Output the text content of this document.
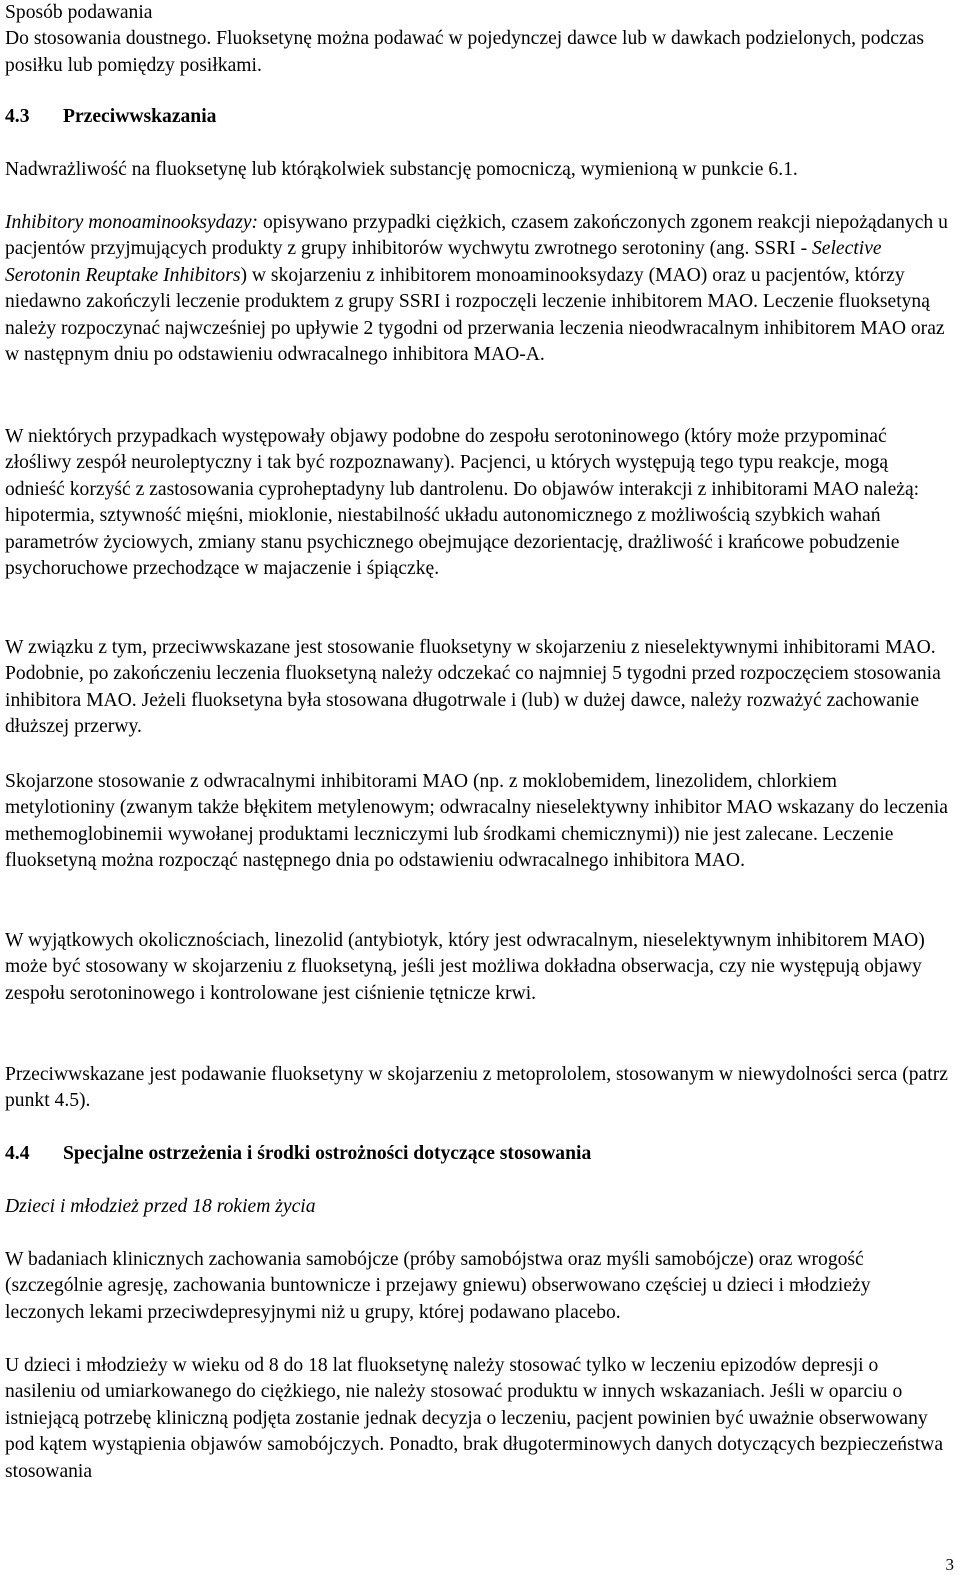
Sposób podawania

Do stosowania doustnego. Fluoksetynę można podawać w pojedynczej dawce lub w dawkach podzielonych, podczas posiłku lub pomiędzy posiłkami.

4.3 Przeciwwskazania

Nadwrażliwość na fluoksetynę lub którąkolwiek substancję pomocniczą, wymienioną w punkcie 6.1.

Inhibitory monoaminooksydazy: opisywano przypadki ciężkich, czasem zakończonych zgonem reakcji niepożądanych u pacjentów przyjmujących produkty z grupy inhibitorów wychwytu zwrotnego serotoniny (ang. SSRI - Selective Serotonin Reuptake Inhibitors) w skojarzeniu z inhibitorem monoaminooksydazy (MAO) oraz u pacjentów, którzy niedawno zakończyli leczenie produktem z grupy SSRI i rozpoczęli leczenie inhibitorem MAO. Leczenie fluoksetyną należy rozpoczynać najwcześniej po upływie 2 tygodni od przerwania leczenia nieodwracalnym inhibitorem MAO oraz w następnym dniu po odstawieniu odwracalnego inhibitora MAO-A.

W niektórych przypadkach występowały objawy podobne do zespołu serotoninowego (który może przypominać złośliwy zespół neuroleptyczny i tak być rozpoznawany). Pacjenci, u których występują tego typu reakcje, mogą odnieść korzyść z zastosowania cyproheptadyny lub dantrolenu. Do objawów interakcji z inhibitorami MAO należą: hipotermia, sztywność mięśni, mioklonie, niestabilność układu autonomicznego z możliwością szybkich wahań parametrów życiowych, zmiany stanu psychicznego obejmujące dezorientację, drażliwość i krańcowe pobudzenie psychoruchowe przechodzące w majaczenie i śpiączkę.

W związku z tym, przeciwwskazane jest stosowanie fluoksetyny w skojarzeniu z nieselektywnymi inhibitorami MAO. Podobnie, po zakończeniu leczenia fluoksetyną należy odczekać co najmniej 5 tygodni przed rozpoczęciem stosowania inhibitora MAO. Jeżeli fluoksetyna była stosowana długotrwale i (lub) w dużej dawce, należy rozważyć zachowanie dłuższej przerwy.

Skojarzone stosowanie z odwracalnymi inhibitorami MAO (np. z moklobemidem, linezolidem, chlorkiem metylotioniny (zwanym także błękitem metylenowym; odwracalny nieselektywny inhibitor MAO wskazany do leczenia methemoglobinemii wywołanej produktami leczniczymi lub środkami chemicznymi)) nie jest zalecane. Leczenie fluoksetyną można rozpocząć następnego dnia po odstawieniu odwracalnego inhibitora MAO.

W wyjątkowych okolicznościach, linezolid (antybiotyk, który jest odwracalnym, nieselektywnym inhibitorem MAO) może być stosowany w skojarzeniu z fluoksetyną, jeśli jest możliwa dokładna obserwacja, czy nie występują objawy zespołu serotoninowego i kontrolowane jest ciśnienie tętnicze krwi.

Przeciwwskazane jest podawanie fluoksetyny w skojarzeniu z metoprololem, stosowanym w niewydolności serca (patrz punkt 4.5).

4.4 Specjalne ostrzeżenia i środki ostrożności dotyczące stosowania

Dzieci i młodzież przed 18 rokiem życia

W badaniach klinicznych zachowania samobójcze (próby samobójstwa oraz myśli samobójcze) oraz wrogość (szczególnie agresję, zachowania buntownicze i przejawy gniewu) obserwowano częściej u dzieci i młodzieży leczonych lekami przeciwdepresyjnymi niż u grupy, której podawano placebo.

U dzieci i młodzieży w wieku od 8 do 18 lat fluoksetynę należy stosować tylko w leczeniu epizodów depresji o nasileniu od umiarkowanego do ciężkiego, nie należy stosować produktu w innych wskazaniach. Jeśli w oparciu o istniejącą potrzebę kliniczną podjęta zostanie jednak decyzja o leczeniu, pacjent powinien być uważnie obserwowany pod kątem wystąpienia objawów samobójczych. Ponadto, brak długoterminowych danych dotyczących bezpieczeństwa stosowania

3
